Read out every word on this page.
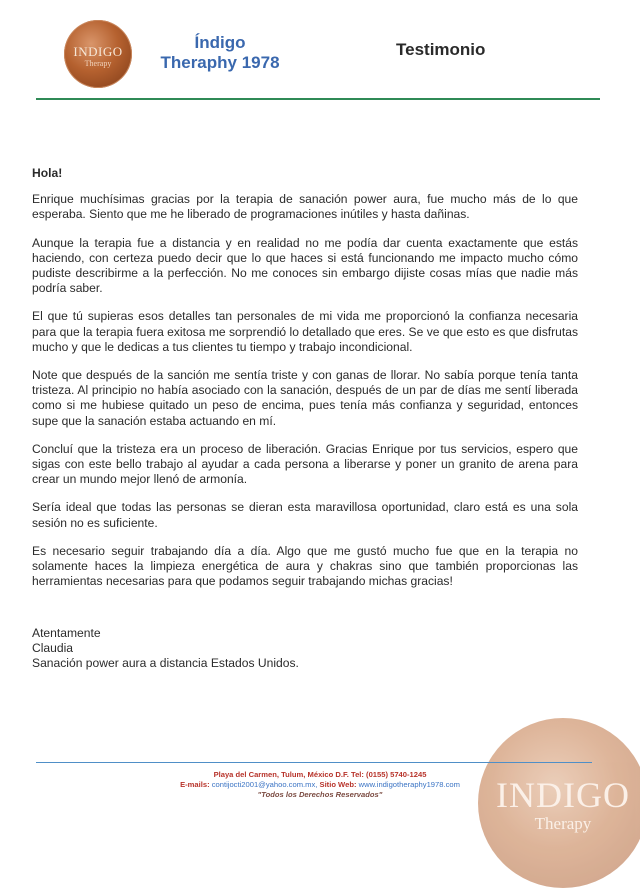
INDIGO
Therapy
Índigo
Theraphy 1978
Testimonio

Hola!

Enrique muchísimas gracias por la terapia de sanación power aura, fue mucho más de lo que esperaba. Siento que me he liberado de programaciones inútiles y hasta dañinas.

Aunque la terapia fue a distancia y en realidad no me podía dar cuenta exactamente que estás haciendo, con certeza puedo decir que lo que haces si está funcionando me impacto mucho cómo pudiste describirme a la perfección. No me conoces sin embargo dijiste cosas mías que nadie más podría saber.

El que tú supieras esos detalles tan personales de mi vida me proporcionó la confianza necesaria para que la terapia fuera exitosa me sorprendió lo detallado que eres. Se ve que esto es que disfrutas mucho y que le dedicas a tus clientes tu tiempo y trabajo incondicional.

Note que después de la sanción me sentía triste y con ganas de llorar. No sabía porque tenía tanta tristeza. Al principio no había asociado con la sanación, después de un par de días me sentí liberada como si me hubiese quitado un peso de encima, pues tenía más confianza y seguridad, entonces supe que la sanación estaba actuando en mí.

Concluí que la tristeza era un proceso de liberación. Gracias Enrique por tus servicios, espero que sigas con este bello trabajo al ayudar a cada persona a liberarse y poner un granito de arena para crear un mundo mejor llenó de armonía.

Sería ideal que todas las personas se dieran esta maravillosa oportunidad, claro está es una sola sesión no es suficiente.

Es necesario seguir trabajando día a día. Algo que me gustó mucho fue que en la terapia no solamente haces la limpieza energética de aura y chakras sino que también proporcionas las herramientas necesarias para que podamos seguir trabajando michas gracias!

Atentamente
Claudia
Sanación power aura a distancia Estados Unidos.
INDIGO
Therapy
Playa del Carmen, Tulum, México D.F. Tel: (0155) 5740-1245
E-mails: contijocti2001@yahoo.com.mx, Sitio Web: www.indigotheraphy1978.com
"Todos los Derechos Reservados"
